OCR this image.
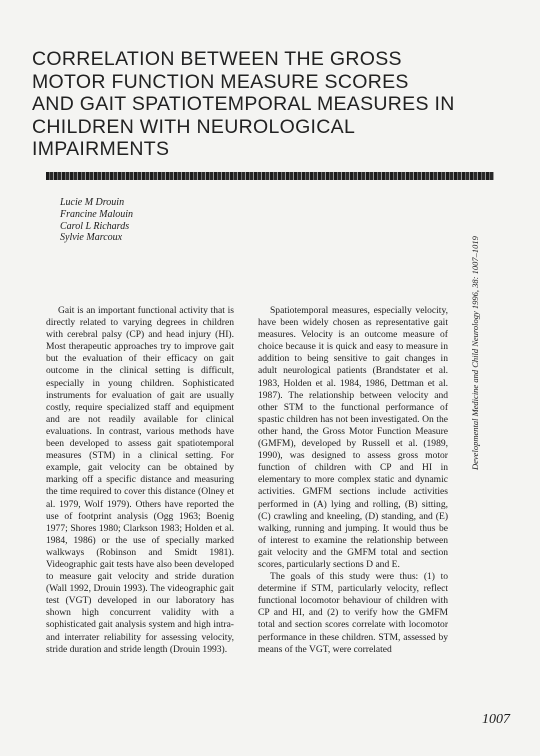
CORRELATION BETWEEN THE GROSS
MOTOR FUNCTION MEASURE SCORES
AND GAIT SPATIOTEMPORAL MEASURES IN
CHILDREN WITH NEUROLOGICAL
IMPAIRMENTS
Lucie M Drouin
Francine Malouin
Carol L Richards
Sylvie Marcoux

Gait is an important functional activity that is directly related to varying degrees in children with cerebral palsy (CP) and head injury (HI). Most therapeutic approaches try to improve gait but the evaluation of their efficacy on gait outcome in the clinical setting is difficult, especially in young children. Sophisticated instruments for evaluation of gait are usually costly, require specialized staff and equipment and are not readily available for clinical evaluations. In contrast, various methods have been developed to assess gait spatiotemporal measures (STM) in a clinical setting. For example, gait velocity can be obtained by marking off a specific distance and measuring the time required to cover this distance (Olney et al. 1979, Wolf 1979). Others have reported the use of footprint analysis (Ogg 1963; Boenig 1977; Shores 1980; Clarkson 1983; Holden et al. 1984, 1986) or the use of specially marked walkways (Robinson and Smidt 1981). Videographic gait tests have also been developed to measure gait velocity and stride duration (Wall 1992, Drouin 1993). The videographic gait test (VGT) developed in our laboratory has shown high concurrent validity with a sophisticated gait analysis system and high intra- and interrater reliability for assessing velocity, stride duration and stride length (Drouin 1993).

Spatiotemporal measures, especially velocity, have been widely chosen as representative gait measures. Velocity is an outcome measure of choice because it is quick and easy to measure in addition to being sensitive to gait changes in adult neurological patients (Brandstater et al. 1983, Holden et al. 1984, 1986, Dettman et al. 1987). The relationship between velocity and other STM to the functional performance of spastic children has not been investigated. On the other hand, the Gross Motor Function Measure (GMFM), developed by Russell et al. (1989, 1990), was designed to assess gross motor function of children with CP and HI in elementary to more complex static and dynamic activities. GMFM sections include activities performed in (A) lying and rolling, (B) sitting, (C) crawling and kneeling, (D) standing, and (E) walking, running and jumping. It would thus be of interest to examine the relationship between gait velocity and the GMFM total and section scores, particularly sections D and E.

The goals of this study were thus: (1) to determine if STM, particularly velocity, reflect functional locomotor behaviour of children with CP and HI, and (2) to verify how the GMFM total and section scores correlate with locomotor performance in these children. STM, assessed by means of the VGT, were correlated

Developmental Medicine and Child Neurology 1996, 38: 1007–1019
1007
